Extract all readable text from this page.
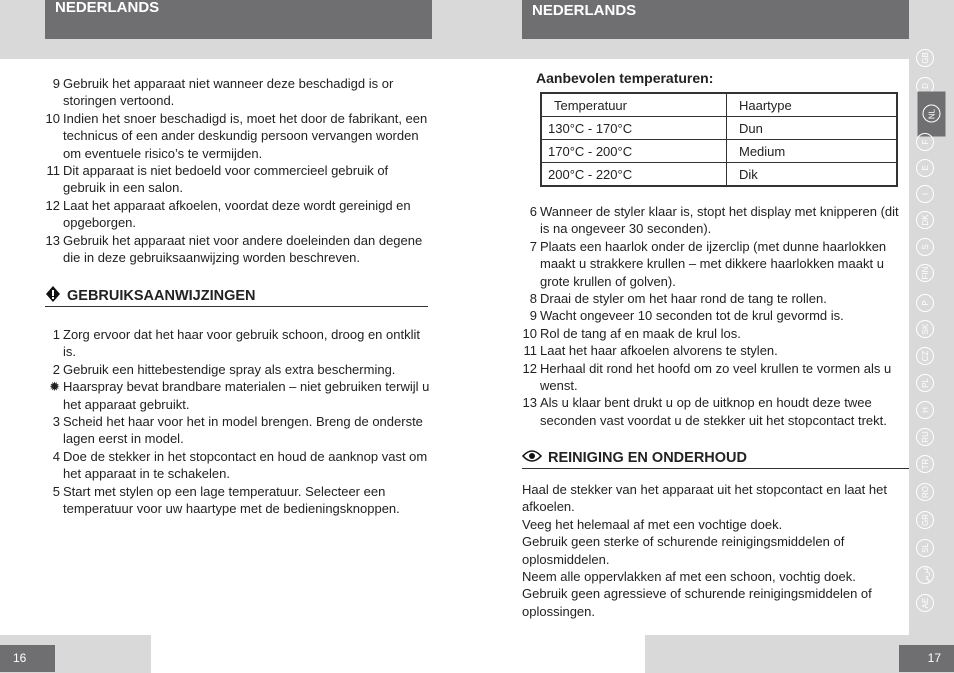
NEDERLANDS	NEDERLANDS
16	17
9 Gebruik het apparaat niet wanneer deze beschadigd is or storingen vertoond.
10 Indien het snoer beschadigd is, moet het door de fabrikant, een technicus of een ander deskundig persoon vervangen worden om eventuele risico’s te vermijden.
11 Dit apparaat is niet bedoeld voor commercieel gebruik of gebruik in een salon.
12 Laat het apparaat afkoelen, voordat deze wordt gereinigd en opgeborgen.
13 Gebruik het apparaat niet voor andere doeleinden dan degene die in deze gebruiksaanwijzing worden beschreven.
GEBRUIKSAANWIJZINGEN
1 Zorg ervoor dat het haar voor gebruik schoon, droog en ontklit is.
2 Gebruik een hittebestendige spray als extra bescherming.
✹ Haarspray bevat brandbare materialen – niet gebruiken terwijl u het apparaat gebruikt.
3 Scheid het haar voor het in model brengen. Breng de onderste lagen eerst in model.
4 Doe de stekker in het stopcontact en houd de aanknop vast om het apparaat in te schakelen.
5 Start met stylen op een lage temperatuur. Selecteer een temperatuur voor uw haartype met de bedieningsknoppen.
Aanbevolen temperaturen:
Temperatuur	Haartype
130°C - 170°C	Dun
170°C - 200°C	Medium
200°C - 220°C	Dik
6 Wanneer de styler klaar is, stopt het display met knipperen (dit is na ongeveer 30 seconden).
7 Plaats een haarlok onder de ijzerclip (met dunne haarlokken maakt u strakkere krullen – met dikkere haarlokken maakt u grote krullen of golven).
8 Draai de styler om het haar rond de tang te rollen.
9 Wacht ongeveer 10 seconden tot de krul gevormd is.
10 Rol de tang af en maak de krul los.
11 Laat het haar afkoelen alvorens te stylen.
12 Herhaal dit rond het hoofd om zo veel krullen te vormen als u wenst.
13 Als u klaar bent drukt u op de uitknop en houdt deze twee seconden vast voordat u de stekker uit het stopcontact trekt.
REINIGING EN ONDERHOUD

Haal de stekker van het apparaat uit het stopcontact en laat het afkoelen.

Veeg het helemaal af met een vochtige doek.

Gebruik geen sterke of schurende reinigingsmiddelen of oplosmiddelen.

Neem alle oppervlakken af met een schoon, vochtig doek.

Gebruik geen agressieve of schurende reinigingsmiddelen of oplossingen.

GB
D
NL
F
E
I
DK
S
FIN
P
SK
CZ
PL
H
RU
TR
RO
GR
SL
عربي
AE
